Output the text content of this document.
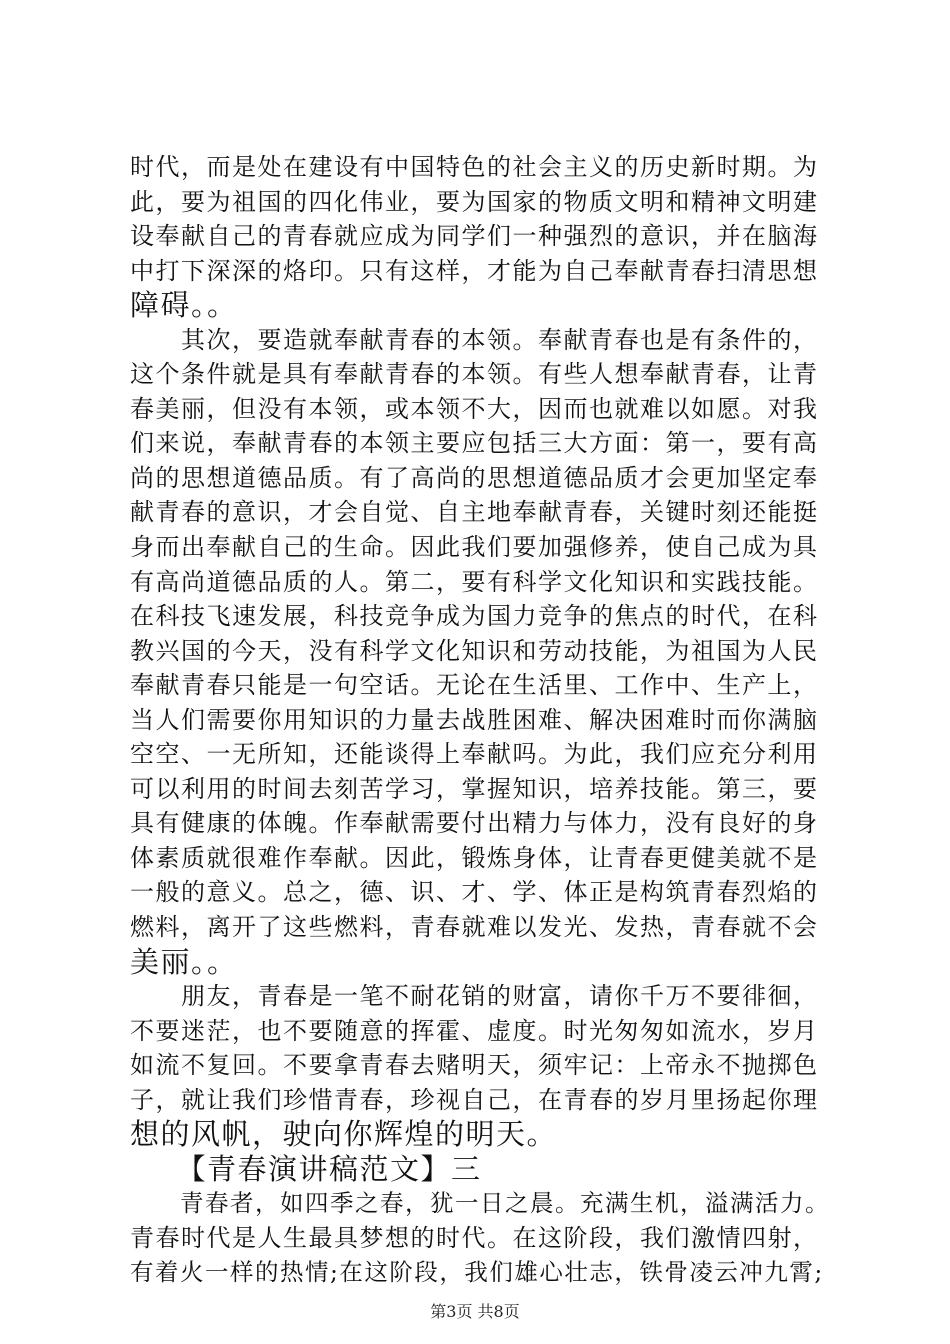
时代，而是处在建设有中国特色的社会主义的历史新时期。为
此，要为祖国的四化伟业，要为国家的物质文明和精神文明建
设奉献自己的青春就应成为同学们一种强烈的意识，并在脑海
中打下深深的烙印。只有这样，才能为自己奉献青春扫清思想
障碍。。
　　其次，要造就奉献青春的本领。奉献青春也是有条件的，
这个条件就是具有奉献青春的本领。有些人想奉献青春，让青
春美丽，但没有本领，或本领不大，因而也就难以如愿。对我
们来说，奉献青春的本领主要应包括三大方面：第一，要有高
尚的思想道德品质。有了高尚的思想道德品质才会更加坚定奉
献青春的意识，才会自觉、自主地奉献青春，关键时刻还能挺
身而出奉献自己的生命。因此我们要加强修养，使自己成为具
有高尚道德品质的人。第二，要有科学文化知识和实践技能。
在科技飞速发展，科技竞争成为国力竞争的焦点的时代，在科
教兴国的今天，没有科学文化知识和劳动技能，为祖国为人民
奉献青春只能是一句空话。无论在生活里、工作中、生产上，
当人们需要你用知识的力量去战胜困难、解决困难时而你满脑
空空、一无所知，还能谈得上奉献吗。为此，我们应充分利用
可以利用的时间去刻苦学习，掌握知识，培养技能。第三，要
具有健康的体魄。作奉献需要付出精力与体力，没有良好的身
体素质就很难作奉献。因此，锻炼身体，让青春更健美就不是
一般的意义。总之，德、识、才、学、体正是构筑青春烈焰的
燃料，离开了这些燃料，青春就难以发光、发热，青春就不会
美丽。。
　　朋友，青春是一笔不耐花销的财富，请你千万不要徘徊，
不要迷茫，也不要随意的挥霍、虚度。时光匆匆如流水，岁月
如流不复回。不要拿青春去赌明天，须牢记：上帝永不抛掷色
子，就让我们珍惜青春，珍视自己，在青春的岁月里扬起你理
想的风帆，驶向你辉煌的明天。
　　【青春演讲稿范文】三
　　青春者，如四季之春，犹一日之晨。充满生机，溢满活力。
青春时代是人生最具梦想的时代。在这阶段，我们激情四射，
有着火一样的热情;在这阶段，我们雄心壮志，铁骨凌云冲九霄;
第3页 共8页
